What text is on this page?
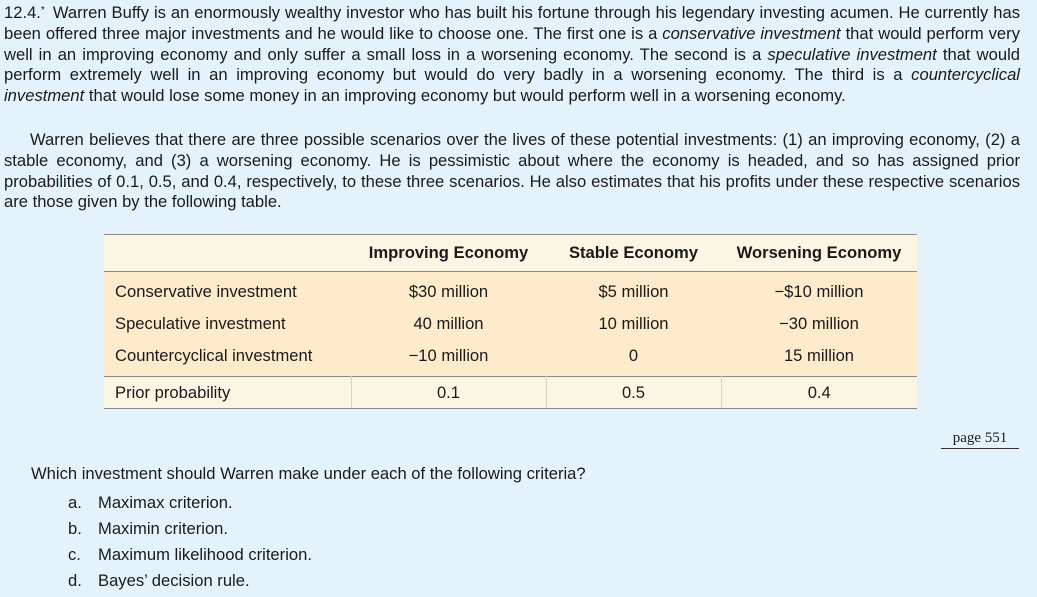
12.4.* Warren Buffy is an enormously wealthy investor who has built his fortune through his legendary investing acumen. He currently has been offered three major investments and he would like to choose one. The first one is a conservative investment that would perform very well in an improving economy and only suffer a small loss in a worsening economy. The second is a speculative investment that would perform extremely well in an improving economy but would do very badly in a worsening economy. The third is a countercyclical investment that would lose some money in an improving economy but would perform well in a worsening economy.

Warren believes that there are three possible scenarios over the lives of these potential investments: (1) an improving economy, (2) a stable economy, and (3) a worsening economy. He is pessimistic about where the economy is headed, and so has assigned prior probabilities of 0.1, 0.5, and 0.4, respectively, to these three scenarios. He also estimates that his profits under these respective scenarios are those given by the following table.

	Improving Economy	Stable Economy	Worsening Economy
Conservative investment	$30 million	$5 million	−$10 million
Speculative investment	40 million	10 million	−30 million
Countercyclical investment	−10 million	0	15 million
Prior probability	0.1	0.5	0.4
page 551

Which investment should Warren make under each of the following criteria?

a. Maximax criterion.
b. Maximin criterion.
c. Maximum likelihood criterion.
d. Bayes’ decision rule.
